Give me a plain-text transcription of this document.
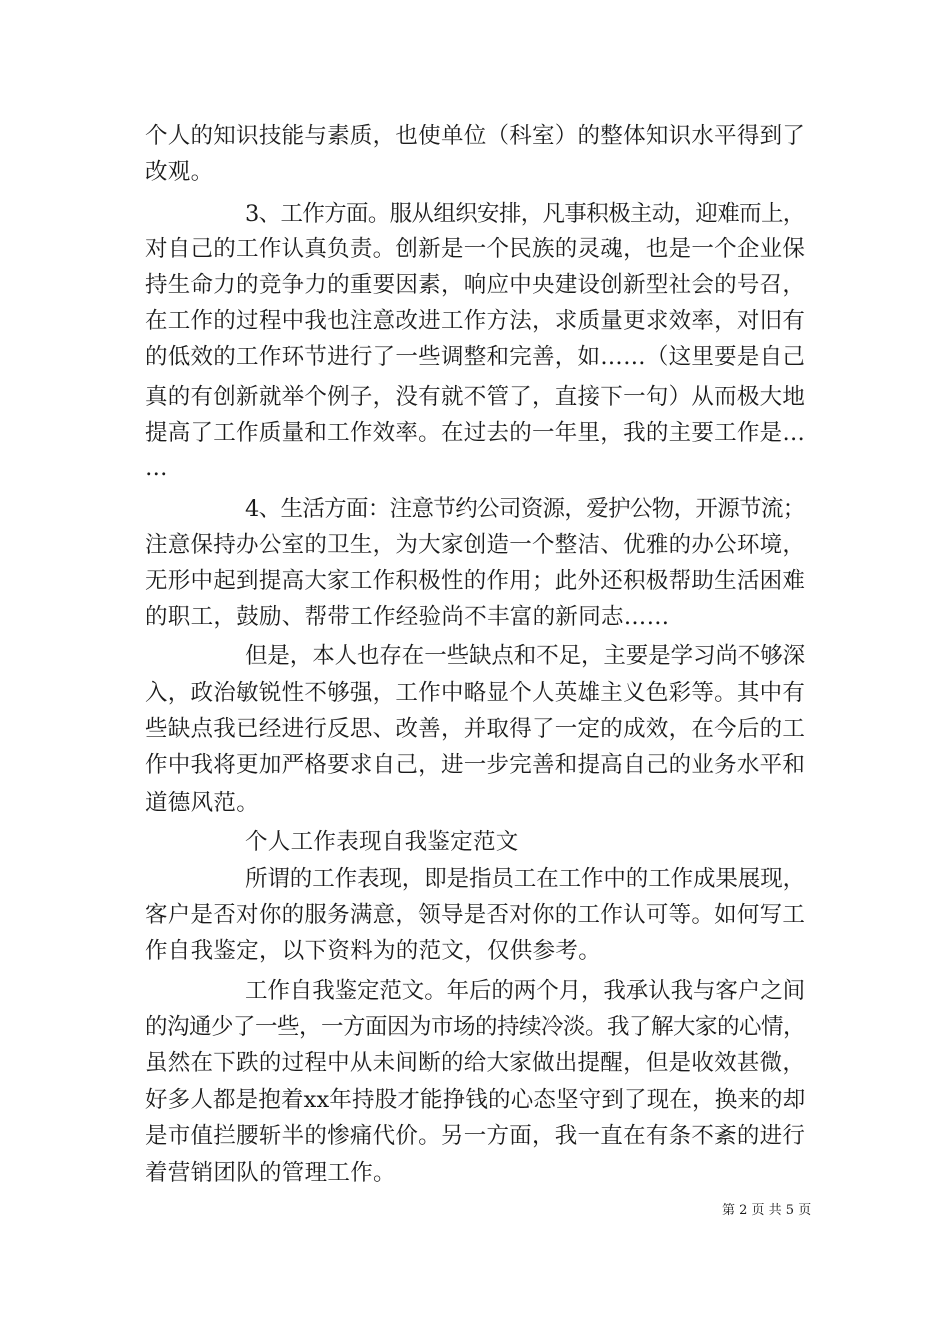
个人的知识技能与素质，也使单位（科室）的整体知识水平得到了
改观。
3、工作方面。服从组织安排，凡事积极主动，迎难而上，
对自己的工作认真负责。创新是一个民族的灵魂，也是一个企业保
持生命力的竞争力的重要因素，响应中央建设创新型社会的号召，
在工作的过程中我也注意改进工作方法，求质量更求效率，对旧有
的低效的工作环节进行了一些调整和完善，如……（这里要是自己
真的有创新就举个例子，没有就不管了，直接下一句）从而极大地
提高了工作质量和工作效率。在过去的一年里，我的主要工作是…
…
4、生活方面：注意节约公司资源，爱护公物，开源节流；
注意保持办公室的卫生，为大家创造一个整洁、优雅的办公环境，
无形中起到提高大家工作积极性的作用；此外还积极帮助生活困难
的职工，鼓励、帮带工作经验尚不丰富的新同志……
但是，本人也存在一些缺点和不足，主要是学习尚不够深
入，政治敏锐性不够强，工作中略显个人英雄主义色彩等。其中有
些缺点我已经进行反思、改善，并取得了一定的成效，在今后的工
作中我将更加严格要求自己，进一步完善和提高自己的业务水平和
道德风范。
个人工作表现自我鉴定范文
所谓的工作表现，即是指员工在工作中的工作成果展现，
客户是否对你的服务满意，领导是否对你的工作认可等。如何写工
作自我鉴定，以下资料为的范文，仅供参考。
工作自我鉴定范文。年后的两个月，我承认我与客户之间
的沟通少了一些，一方面因为市场的持续冷淡。我了解大家的心情，
虽然在下跌的过程中从未间断的给大家做出提醒，但是收效甚微，
好多人都是抱着xx年持股才能挣钱的心态坚守到了现在，换来的却
是市值拦腰斩半的惨痛代价。另一方面，我一直在有条不紊的进行
着营销团队的管理工作。
第 2 页 共 5 页
